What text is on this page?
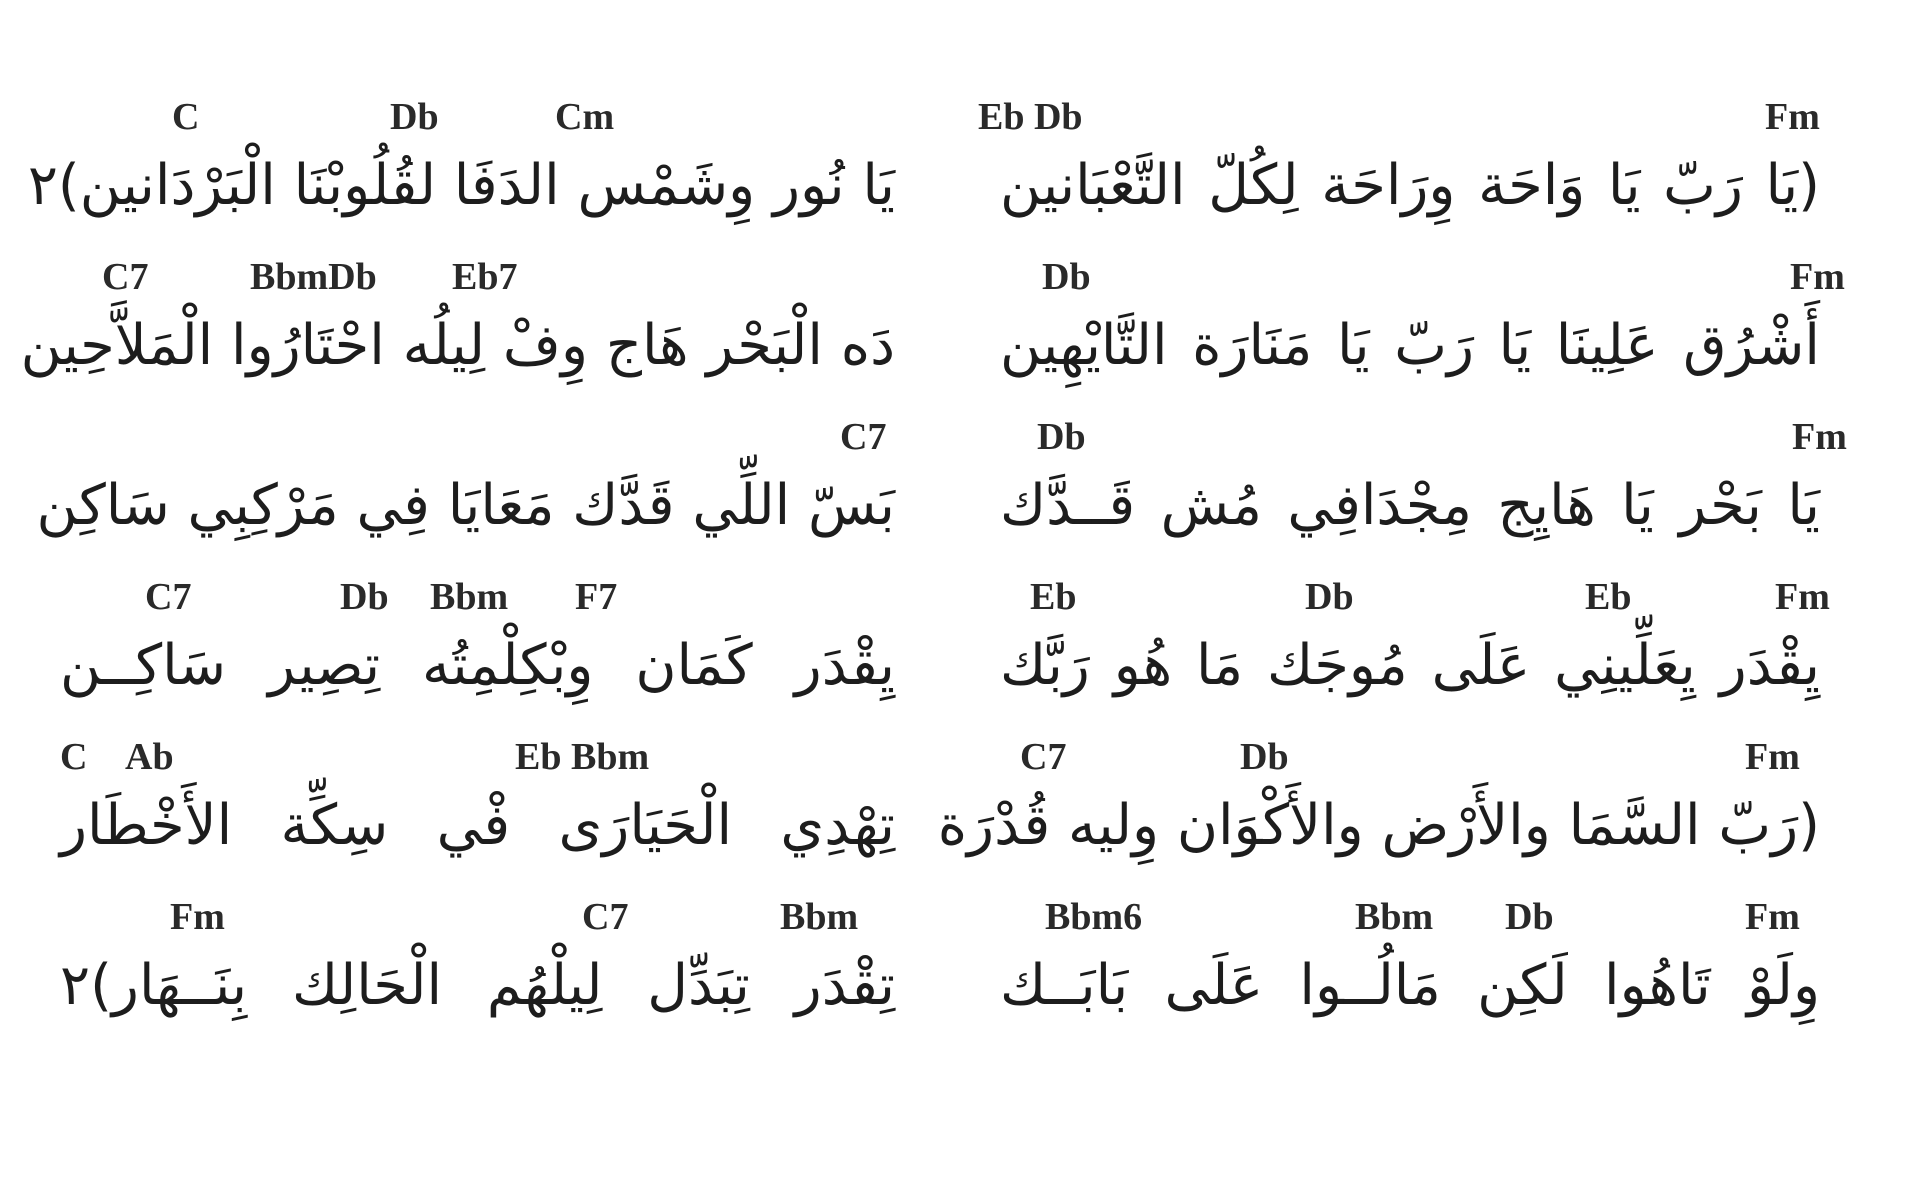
Eb Db	Fm
(يَا رَبّ يَا وَاحَة وِرَاحَة لِكُلّ التَّعْبَانين
Db	Fm
أَشْرُق عَلِينَا يَا رَبّ يَا مَنَارَة التَّايْهِين
Db	Fm
يَا بَحْر يَا هَايِج مِجْدَافِي مُش قَــدَّك
Eb	Db	Eb	Fm
يِقْدَر يِعَلِّينِي عَلَى مُوجَك مَا هُو رَبَّك
C7	Db	Fm
(رَبّ السَّمَا والأَرْض والأَكْوَان وِليه قُدْرَة
Bbm6	Bbm Db	Fm
وِلَوْ تَاهُوا لَكِن مَالُــوا عَلَى بَابَــك
C	Db	Cm
يَا نُور وِشَمْس الدَفَا لقُلُوبْنَا الْبَرْدَانين)٢
C7	BbmDb Eb7
دَه الْبَحْر هَاج وِفْ لِيلُه احْتَارُوا الْمَلاَّحِين
C7
بَسّ اللِّي قَدَّك مَعَايَا فِي مَرْكِبِي سَاكِن
C7	Db Bbm F7
يِقْدَر كَمَان وِبْكِلْمِتُه تِصِير سَاكِــن
C Ab	Eb Bbm
تِهْدِي الْحَيَارَى فْي سِكِّة الأَخْطَار
Fm	C7	Bbm
تِقْدَر تِبَدِّل لِيلْهُم الْحَالِك بِنَــهَار)٢
